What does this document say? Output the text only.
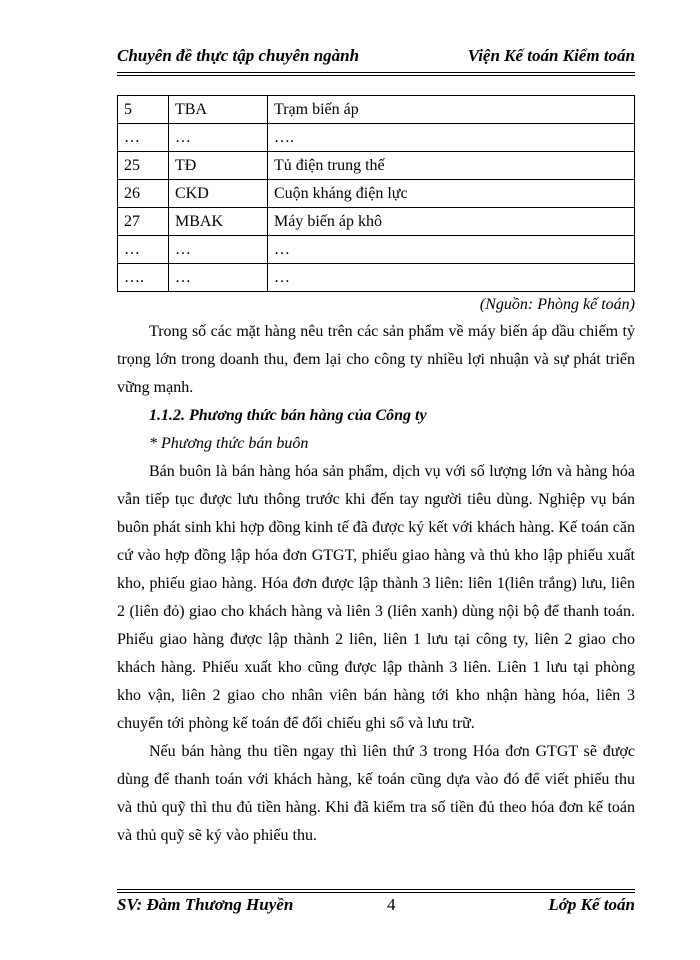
Chuyên đề thực tập chuyên ngành	Viện Kế toán Kiểm toán
5	TBA	Trạm biến áp
…	…	….
25	TĐ	Tủ điện trung thế
26	CKD	Cuộn kháng điện lực
27	MBAK	Máy biến áp khô
…	…	…
….	…	…
(Nguồn: Phòng kế toán)

Trong số các mặt hàng nêu trên các sản phẩm về máy biến áp dầu chiếm tỷ trọng lớn trong doanh thu, đem lại cho công ty nhiều lợi nhuận và sự phát triển vững mạnh.

1.1.2. Phương thức bán hàng của Công ty

* Phương thức bán buôn

Bán buôn là bán hàng hóa sản phẩm, dịch vụ với số lượng lớn và hàng hóa vẫn tiếp tục được lưu thông trước khi đến tay người tiêu dùng. Nghiệp vụ bán buôn phát sinh khi hợp đồng kinh tế đã được ký kết với khách hàng. Kế toán căn cứ vào hợp đồng lập hóa đơn GTGT, phiếu giao hàng và thủ kho lập phiếu xuất kho, phiếu giao hàng. Hóa đơn được lập thành 3 liên: liên 1(liên trắng) lưu, liên 2 (liên đỏ) giao cho khách hàng và liên 3 (liên xanh) dùng nội bộ để thanh toán. Phiếu giao hàng được lập thành 2 liên, liên 1 lưu tại công ty, liên 2 giao cho khách hàng. Phiếu xuất kho cũng được lập thành 3 liên. Liên 1 lưu tại phòng kho vận, liên 2 giao cho nhân viên bán hàng tới kho nhận hàng hóa, liên 3 chuyển tới phòng kế toán để đối chiếu ghi sổ và lưu trữ.

Nếu bán hàng thu tiền ngay thì liên thứ 3 trong Hóa đơn GTGT sẽ được dùng để thanh toán với khách hàng, kế toán cũng dựa vào đó để viết phiếu thu và thủ quỹ thì thu đủ tiền hàng. Khi đã kiểm tra số tiền đủ theo hóa đơn kế toán và thủ quỹ sẽ ký vào phiếu thu.

SV: Đàm Thương Huyền	4	Lớp Kế toán
